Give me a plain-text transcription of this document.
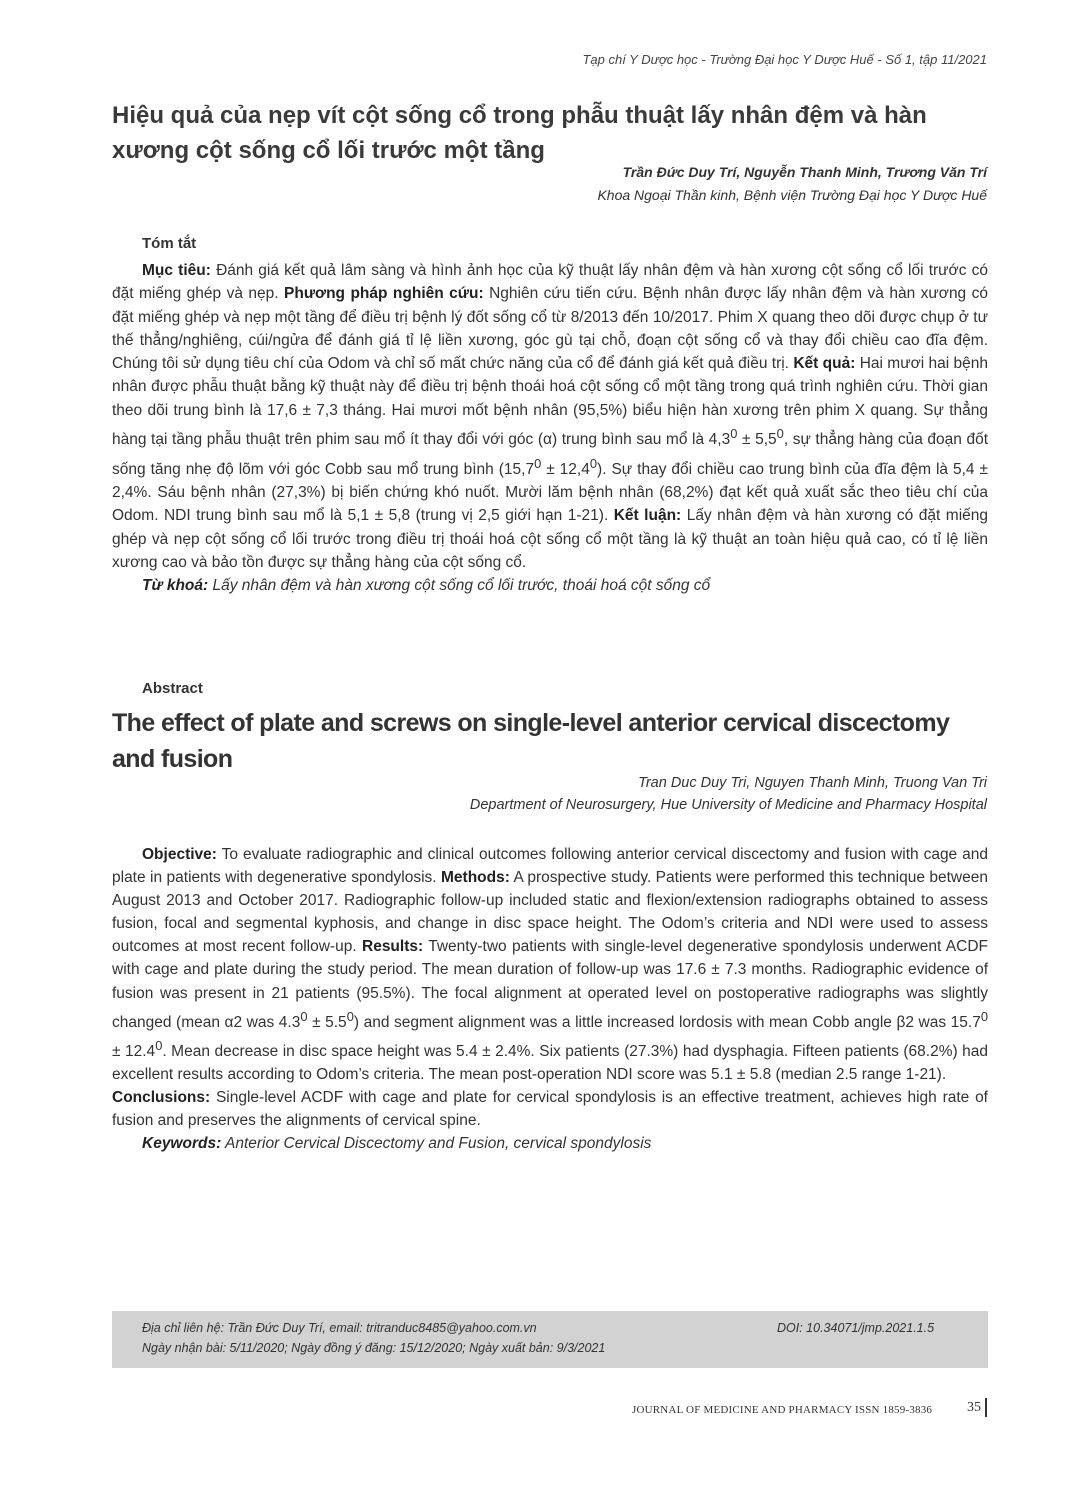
Tạp chí Y Dược học - Trường Đại học Y Dược Huế - Số 1, tập 11/2021
Hiệu quả của nẹp vít cột sống cổ trong phẫu thuật lấy nhân đệm và hàn xương cột sống cổ lối trước một tầng
Trần Đức Duy Trí, Nguyễn Thanh Minh, Trương Văn Trí
Khoa Ngoại Thần kinh, Bệnh viện Trường Đại học Y Dược Huế
Tóm tắt

Mục tiêu: Đánh giá kết quả lâm sàng và hình ảnh học của kỹ thuật lấy nhân đệm và hàn xương cột sống cổ lối trước có đặt miếng ghép và nẹp. Phương pháp nghiên cứu: Nghiên cứu tiến cứu. Bệnh nhân được lấy nhân đệm và hàn xương có đặt miếng ghép và nẹp một tầng để điều trị bệnh lý đốt sống cổ từ 8/2013 đến 10/2017. Phim X quang theo dõi được chụp ở tư thế thẳng/nghiêng, cúi/ngửa để đánh giá tỉ lệ liền xương, góc gù tại chỗ, đoạn cột sống cổ và thay đổi chiều cao đĩa đệm. Chúng tôi sử dụng tiêu chí của Odom và chỉ số mất chức năng của cổ để đánh giá kết quả điều trị. Kết quả: Hai mươi hai bệnh nhân được phẫu thuật bằng kỹ thuật này để điều trị bệnh thoái hoá cột sống cổ một tầng trong quá trình nghiên cứu. Thời gian theo dõi trung bình là 17,6 ± 7,3 tháng. Hai mươi mốt bệnh nhân (95,5%) biểu hiện hàn xương trên phim X quang. Sự thẳng hàng tại tầng phẫu thuật trên phim sau mổ ít thay đổi với góc (α) trung bình sau mổ là $4,3^0 \pm 5,5^0$, sự thẳng hàng của đoạn đốt sống tăng nhẹ độ lõm với góc Cobb sau mổ trung bình $(15,7^0 \pm 12,4^0)$. Sự thay đổi chiều cao trung bình của đĩa đệm là 5,4 ± 2,4%. Sáu bệnh nhân (27,3%) bị biến chứng khó nuốt. Mười lăm bệnh nhân (68,2%) đạt kết quả xuất sắc theo tiêu chí của Odom. NDI trung bình sau mổ là 5,1 ± 5,8 (trung vị 2,5 giới hạn 1-21). Kết luận: Lấy nhân đệm và hàn xương có đặt miếng ghép và nẹp cột sống cổ lối trước trong điều trị thoái hoá cột sống cổ một tầng là kỹ thuật an toàn hiệu quả cao, có tỉ lệ liền xương cao và bảo tồn được sự thẳng hàng của cột sống cổ.

Từ khoá: Lấy nhân đệm và hàn xương cột sống cổ lối trước, thoái hoá cột sống cổ

Abstract
The effect of plate and screws on single-level anterior cervical discectomy and fusion
Tran Duc Duy Tri, Nguyen Thanh Minh, Truong Van Tri
Department of Neurosurgery, Hue University of Medicine and Pharmacy Hospital

Objective: To evaluate radiographic and clinical outcomes following anterior cervical discectomy and fusion with cage and plate in patients with degenerative spondylosis. Methods: A prospective study. Patients were performed this technique between August 2013 and October 2017. Radiographic follow-up included static and flexion/extension radiographs obtained to assess fusion, focal and segmental kyphosis, and change in disc space height. The Odom’s criteria and NDI were used to assess outcomes at most recent follow-up. Results: Twenty-two patients with single-level degenerative spondylosis underwent ACDF with cage and plate during the study period. The mean duration of follow-up was 17.6 ± 7.3 months. Radiographic evidence of fusion was present in 21 patients (95.5%). The focal alignment at operated level on postoperative radiographs was slightly changed (mean α2 was $4.3^0 \pm 5.5^0$) and segment alignment was a little increased lordosis with mean Cobb angle β2 was $15.7^0 \pm 12.4^0$. Mean decrease in disc space height was 5.4 ± 2.4%. Six patients (27.3%) had dysphagia. Fifteen patients (68.2%) had excellent results according to Odom’s criteria. The mean post-operation NDI score was 5.1 ± 5.8 (median 2.5 range 1-21).
Conclusions: Single-level ACDF with cage and plate for cervical spondylosis is an effective treatment, achieves high rate of fusion and preserves the alignments of cervical spine.

Keywords: Anterior Cervical Discectomy and Fusion, cervical spondylosis

Địa chỉ liên hệ: Trần Đức Duy Trí, email: tritranduc8485@yahoo.com.vn
Ngày nhận bài: 5/11/2020; Ngày đồng ý đăng: 15/12/2020; Ngày xuất bản: 9/3/2021
DOI: 10.34071/jmp.2021.1.5
JOURNAL OF MEDICINE AND PHARMACY ISSN 1859-3836 35
